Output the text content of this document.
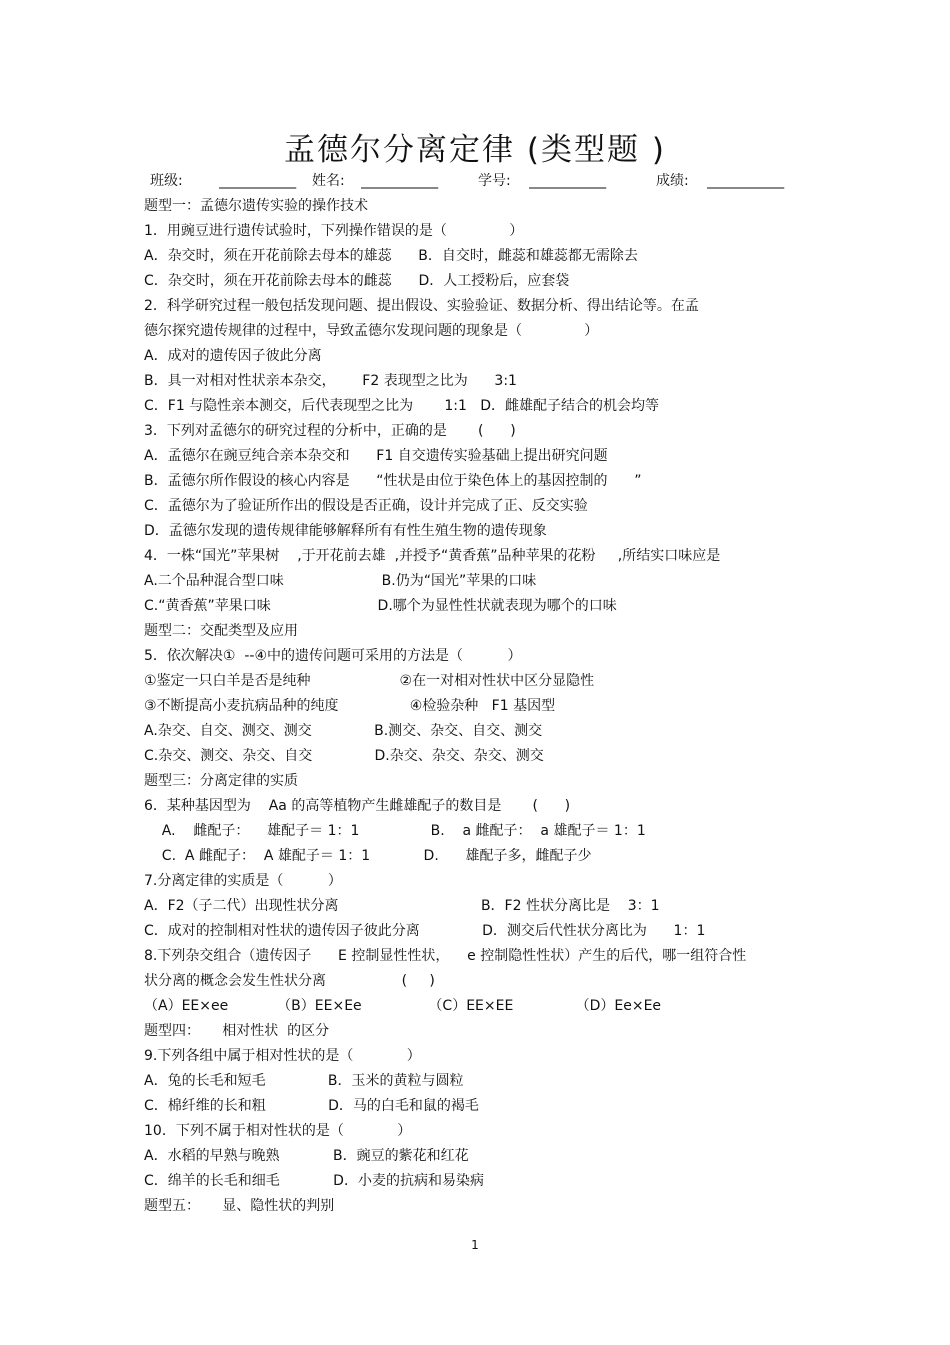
孟德尔分离定律 (类型题 )
班级:	___________ 姓名: ___________	学号: ___________	成绩: ___________
题型一：孟德尔遗传实验的操作技术
1．用豌豆进行遗传试验时，下列操作错误的是（              ）
A．杂交时，须在开花前除去母本的雄蕊      B．自交时，雌蕊和雄蕊都无需除去
C．杂交时，须在开花前除去母本的雌蕊      D．人工授粉后，应套袋
2．科学研究过程一般包括发现问题、提出假设、实验验证、数据分析、得出结论等。在孟
德尔探究遗传规律的过程中，导致孟德尔发现问题的现象是（              ）
A．成对的遗传因子彼此分离
B．具一对相对性状亲本杂交，      F2 表现型之比为      3:1
C．F1 与隐性亲本测交，后代表现型之比为       1:1   D．雌雄配子结合的机会均等
3．下列对孟德尔的研究过程的分析中，正确的是       (      )
A．孟德尔在豌豆纯合亲本杂交和      F1 自交遗传实验基础上提出研究问题
B．孟德尔所作假设的核心内容是      “性状是由位于染色体上的基因控制的      ”
C．孟德尔为了验证所作出的假设是否正确，设计并完成了正、反交实验
D．孟德尔发现的遗传规律能够解释所有有性生殖生物的遗传现象
4．一株“国光”苹果树    ,于开花前去雄  ,并授予“黄香蕉”品种苹果的花粉     ,所结实口味应是
A.二个品种混合型口味                      B.仍为“国光”苹果的口味
C.“黄香蕉”苹果口味                        D.哪个为显性性状就表现为哪个的口味
题型二：交配类型及应用
5．依次解决①  --④中的遗传问题可采用的方法是（          ）
①鉴定一只白羊是否是纯种                    ②在一对相对性状中区分显隐性
③不断提高小麦抗病品种的纯度                ④检验杂种   F1 基因型
A.杂交、自交、测交、测交              B.测交、杂交、自交、测交
C.杂交、测交、杂交、自交              D.杂交、杂交、杂交、测交
题型三：分离定律的实质
6．某种基因型为    Aa 的高等植物产生雌雄配子的数目是       (      )
A.    雌配子：    雄配子＝ 1：1                B.    a 雌配子：  a 雄配子＝ 1：1
C.  A 雌配子：  A 雄配子＝ 1：1            D.      雄配子多，雌配子少
7.分离定律的实质是（          ）
A．F2（子二代）出现性状分离                                B．F2 性状分离比是    3：1
C．成对的控制相对性状的遗传因子彼此分离              D．测交后代性状分离比为      1：1
8.下列杂交组合（遗传因子      E 控制显性性状，    e 控制隐性性状）产生的后代，哪一组符合性
状分离的概念会发生性状分离                 (     )
（A）EE×ee           （B）EE×Ee               （C）EE×EE              （D）Ee×Ee
题型四：     相对性状  的区分
9.下列各组中属于相对性状的是（            ）
A．兔的长毛和短毛              B．玉米的黄粒与圆粒
C．棉纤维的长和粗              D．马的白毛和鼠的褐毛
10．下列不属于相对性状的是（            ）
A．水稻的早熟与晚熟            B．豌豆的紫花和红花
C．绵羊的长毛和细毛            D．小麦的抗病和易染病
题型五：     显、隐性状的判别
1
